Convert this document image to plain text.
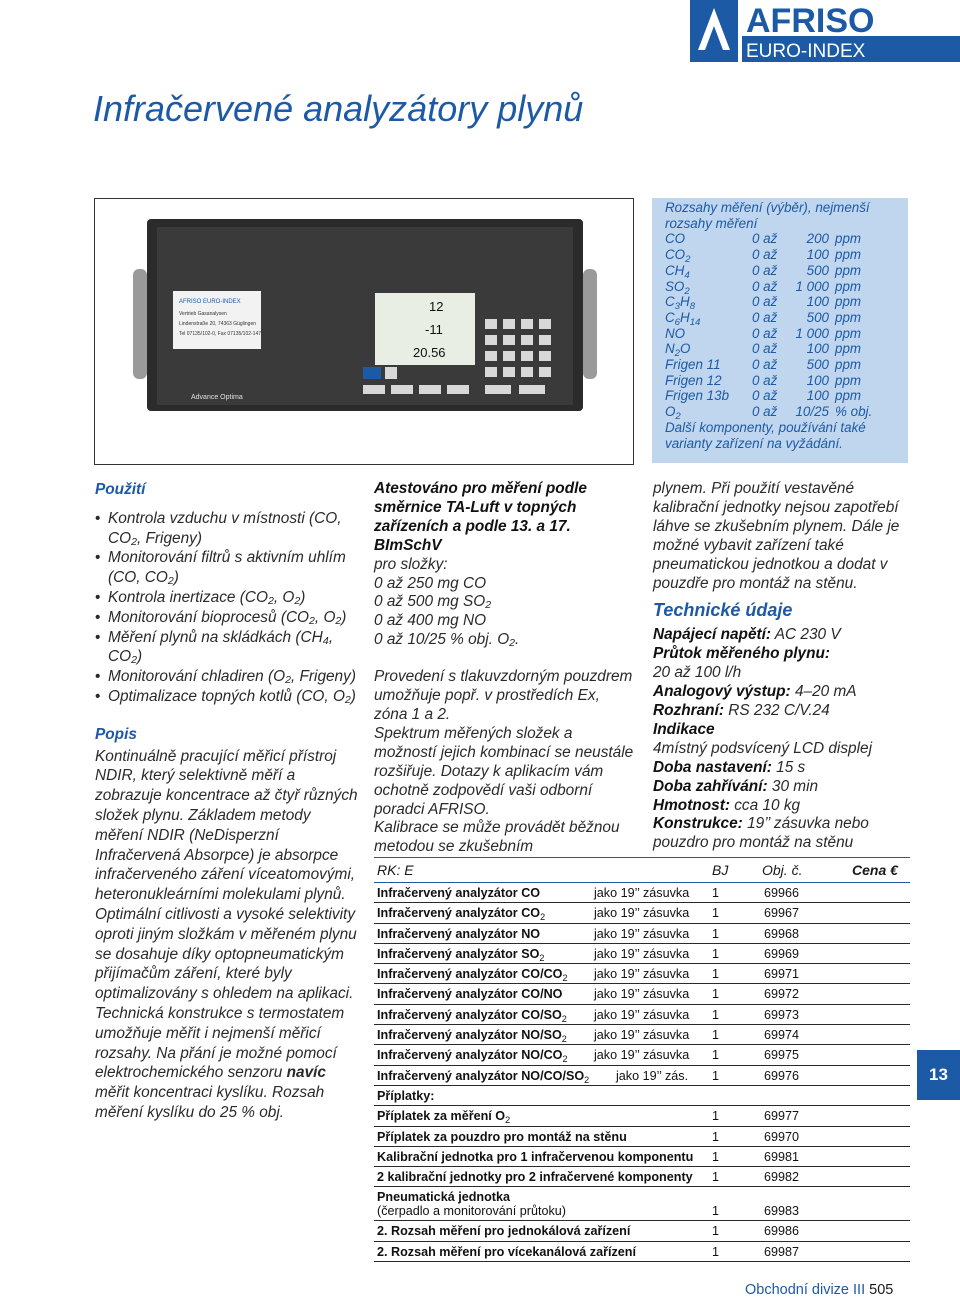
AFRISO
EURO-INDEX
Infračervené analyzátory plynů
AFRISO EURO-INDEX
Vertrieb Gasanalysen
Lindenstraße 20, 74363 Güglingen
Tel 07135/102-0, Fax 07135/102-147
12
-11
20.56
Advance Optima
Rozsahy měření (výběr), nejmenší rozsahy měření
CO	0 až	200 ppm
$CO_2$	0 až	100 ppm
$CH_4$	0 až	500 ppm
$SO_2$	0 až	1 000 ppm
$C_3H_8$	0 až	100 ppm
$C_6H_{14}$	0 až	500 ppm
NO	0 až	1 000 ppm
$N_2O$	0 až	100 ppm
Frigen 11	0 až	500 ppm
Frigen 12	0 až	100 ppm
Frigen 13b	0 až	100 ppm
$O_2$	0 až	10/25 % obj.
Další komponenty, používání také varianty zařízení na vyžádání.
Použití
• Kontrola vzduchu v místnosti (CO, CO₂, Frigeny)
• Monitorování filtrů s aktivním uhlím (CO, CO₂)
• Kontrola inertizace (CO₂, O₂)
• Monitorování bioprocesů (CO₂, O₂)
• Měření plynů na skládkách (CH₄, CO₂)
• Monitorování chladiren (O₂, Frigeny)
• Optimalizace topných kotlů (CO, O₂)
Popis
Kontinuálně pracující měřicí přístroj NDIR, který selektivně měří a zobrazuje koncentrace až čtyř různých složek plynu. Základem metody měření NDIR (NeDisperzní Infračervená Absorpce) je absorpce infračerveného záření víceatomovými, heteronukleárními molekulami plynů.
Optimální citlivosti a vysoké selektivity oproti jiným složkám v měřeném plynu se dosahuje díky optopneumatickým přijímačům záření, které byly optimalizovány s ohledem na aplikaci. Technická konstrukce s termostatem umožňuje měřit i nejmenší měřicí rozsahy. Na přání je možné pomocí elektrochemického senzoru navíc měřit koncentraci kyslíku. Rozsah měření kyslíku do 25 % obj.
Atestováno pro měření podle směrnice TA-Luft v topných zařízeních a podle 13. a 17. BImSchV
pro složky:
0 až 250 mg CO
0 až 500 mg SO₂
0 až 400 mg NO
0 až 10/25 % obj. O₂.
Provedení s tlakuvzdorným pouzdrem umožňuje popř. v prostředích Ex, zóna 1 a 2.
Spektrum měřených složek a možností jejich kombinací se neustále rozšiřuje. Dotazy k aplikacím vám ochotně zodpovědí vaši odborní poradci AFRISO.
Kalibrace se může provádět běžnou metodou se zkušebním
plynem. Při použití vestavěné kalibrační jednotky nejsou zapotřebí láhve se zkušebním plynem. Dále je možné vybavit zařízení také pneumatickou jednotkou a dodat v pouzdře pro montáž na stěnu.
Technické údaje
Napájecí napětí: AC 230 V
Průtok měřeného plynu:
20 až 100 l/h
Analogový výstup: 4–20 mA
Rozhraní: RS 232 C/V.24
Indikace
4místný podsvícený LCD displej
Doba nastavení: 15 s
Doba zahřívání: 30 min
Hmotnost: cca 10 kg
Konstrukce: 19’’ zásuvka nebo
pouzdro pro montáž na stěnu
RK: E	BJ Obj. č.	Cena €
Infračervený analyzátor CO	jako 19’’ zásuvka 1	69966
Infračervený analyzátor $CO_2$	jako 19’’ zásuvka 1	69967
Infračervený analyzátor NO	jako 19’’ zásuvka 1	69968
Infračervený analyzátor $SO_2$	jako 19’’ zásuvka 1	69969
Infračervený analyzátor $CO/CO_2$ jako 19’’ zásuvka 1	69971
Infračervený analyzátor CO/NO	jako 19’’ zásuvka 1	69972
Infračervený analyzátor $CO/SO_2$ jako 19’’ zásuvka 1	69973
Infračervený analyzátor $NO/SO_2$ jako 19’’ zásuvka 1	69974
Infračervený analyzátor $NO/CO_2$ jako 19’’ zásuvka 1	69975
Infračervený analyzátor $NO/CO/SO_2$ jako 19’’ zás. 1	69976
Příplatky:
Příplatek za měření $O_2$	1	69977
Příplatek za pouzdro pro montáž na stěnu	1	69970
Kalibrační jednotka pro 1 infračervenou komponentu 1	69981
2 kalibrační jednotky pro 2 infračervené komponenty 1	69982
Pneumatická jednotka
(čerpadlo a monitorování průtoku)	1	69983
2. Rozsah měření pro jednokálová zařízení	1	69986
2. Rozsah měření pro vícekanálová zařízení	1	69987
13
Obchodní divize III 505
